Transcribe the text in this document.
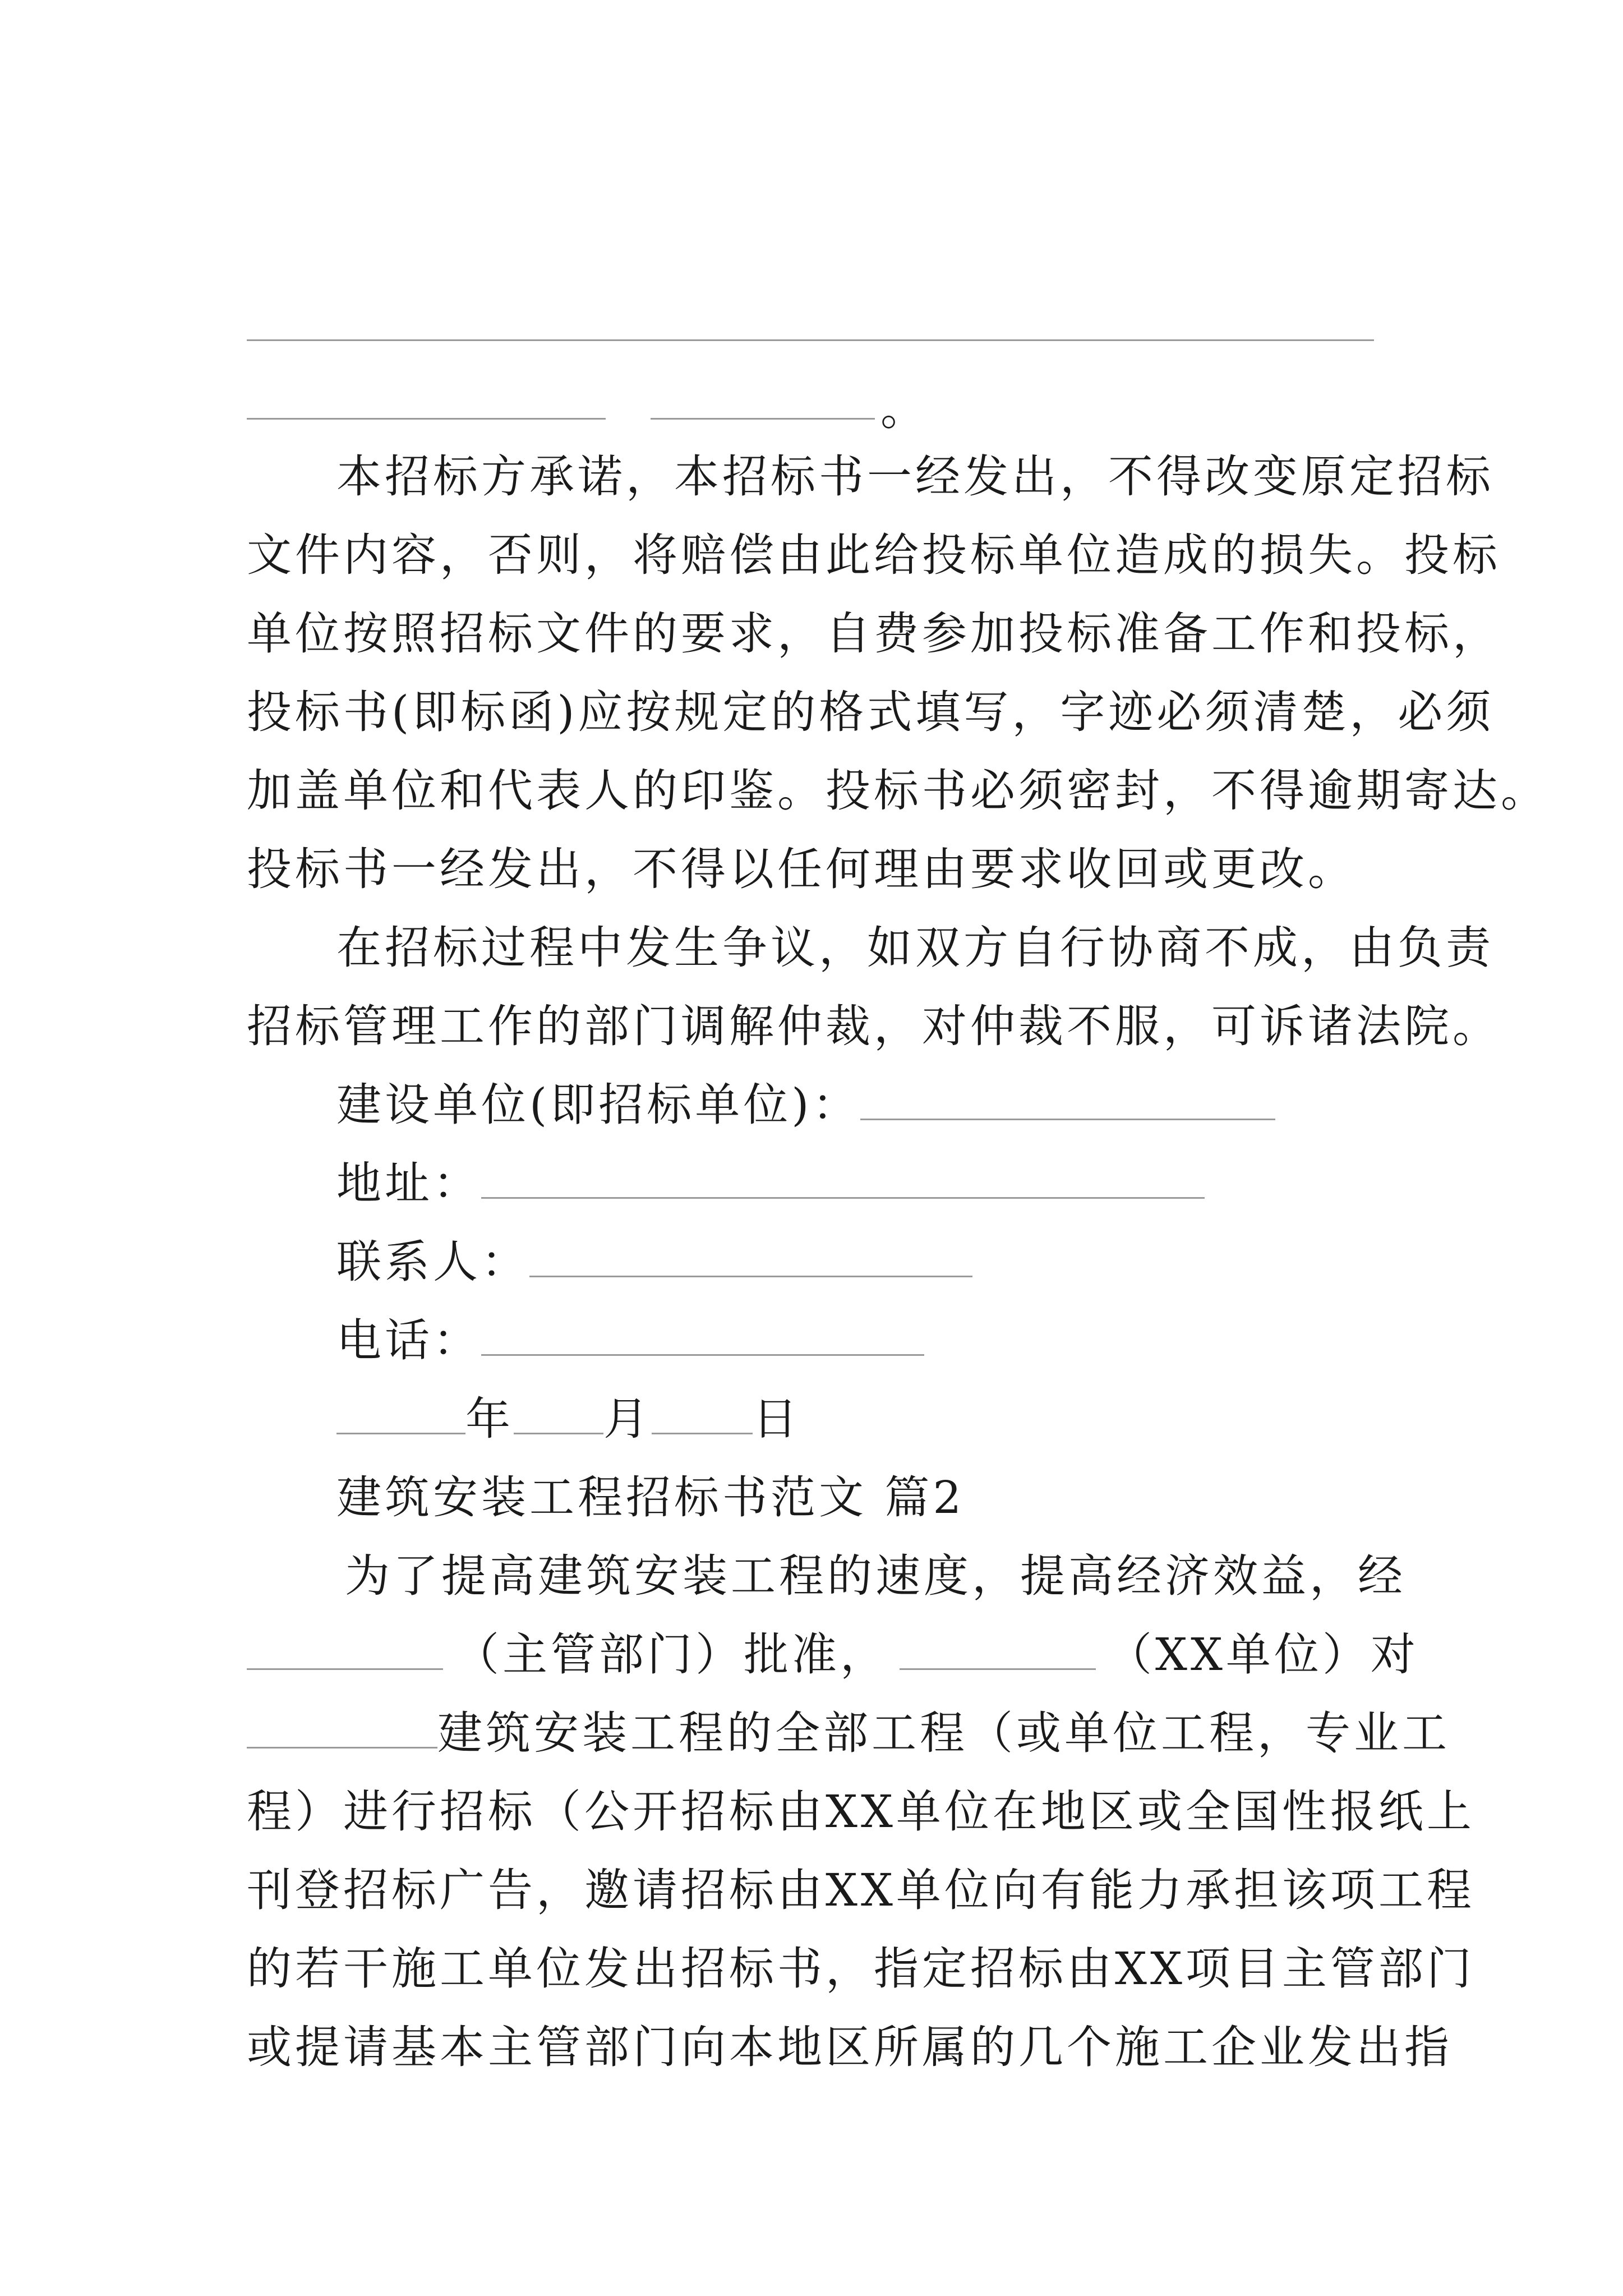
。
本招标方承诺，本招标书一经发出，不得改变原定招标
文件内容，否则，将赔偿由此给投标单位造成的损失。投标
单位按照招标文件的要求，自费参加投标准备工作和投标，
投标书(即标函)应按规定的格式填写，字迹必须清楚，必须
加盖单位和代表人的印鉴。投标书必须密封，不得逾期寄达。
投标书一经发出，不得以任何理由要求收回或更改。
在招标过程中发生争议，如双方自行协商不成，由负责
招标管理工作的部门调解仲裁，对仲裁不服，可诉诸法院。
建设单位(即招标单位)：
地址：
联系人：
电话：
年 月 日
建筑安装工程招标书范文 篇2
为了提高建筑安装工程的速度，提高经济效益，经
（主管部门）批准，	（XX单位）对
建筑安装工程的全部工程（或单位工程，专业工
程）进行招标（公开招标由XX单位在地区或全国性报纸上
刊登招标广告，邀请招标由XX单位向有能力承担该项工程
的若干施工单位发出招标书，指定招标由XX项目主管部门
或提请基本主管部门向本地区所属的几个施工企业发出指
